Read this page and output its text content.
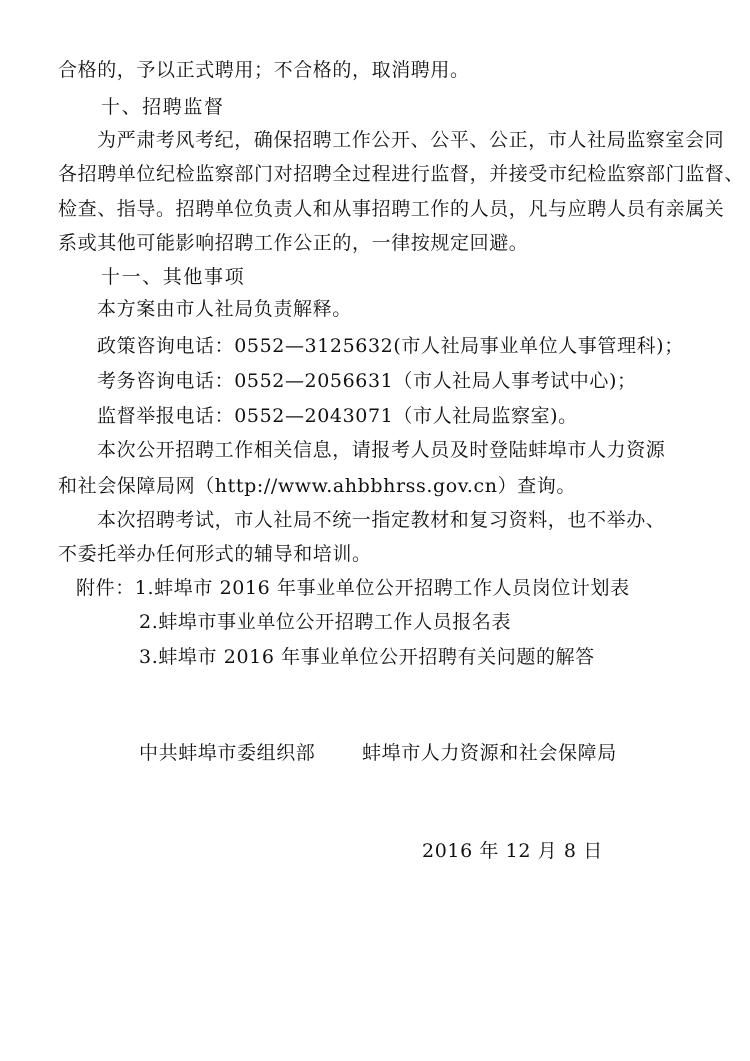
合格的，予以正式聘用；不合格的，取消聘用。
十、招聘监督
为严肃考风考纪，确保招聘工作公开、公平、公正，市人社局监察室会同
各招聘单位纪检监察部门对招聘全过程进行监督，并接受市纪检监察部门监督、
检查、指导。招聘单位负责人和从事招聘工作的人员，凡与应聘人员有亲属关
系或其他可能影响招聘工作公正的，一律按规定回避。
十一、其他事项
本方案由市人社局负责解释。
政策咨询电话：0552—3125632(市人社局事业单位人事管理科)；
考务咨询电话：0552—2056631（市人社局人事考试中心)；
监督举报电话：0552—2043071（市人社局监察室)。
本次公开招聘工作相关信息，请报考人员及时登陆蚌埠市人力资源
和社会保障局网（http://www.ahbbhrss.gov.cn）查询。
本次招聘考试，市人社局不统一指定教材和复习资料，也不举办、
不委托举办任何形式的辅导和培训。
附件：1.蚌埠市 2016 年事业单位公开招聘工作人员岗位计划表
2.蚌埠市事业单位公开招聘工作人员报名表
3.蚌埠市 2016 年事业单位公开招聘有关问题的解答
中共蚌埠市委组织部 蚌埠市人力资源和社会保障局
2016 年 12 月 8 日
